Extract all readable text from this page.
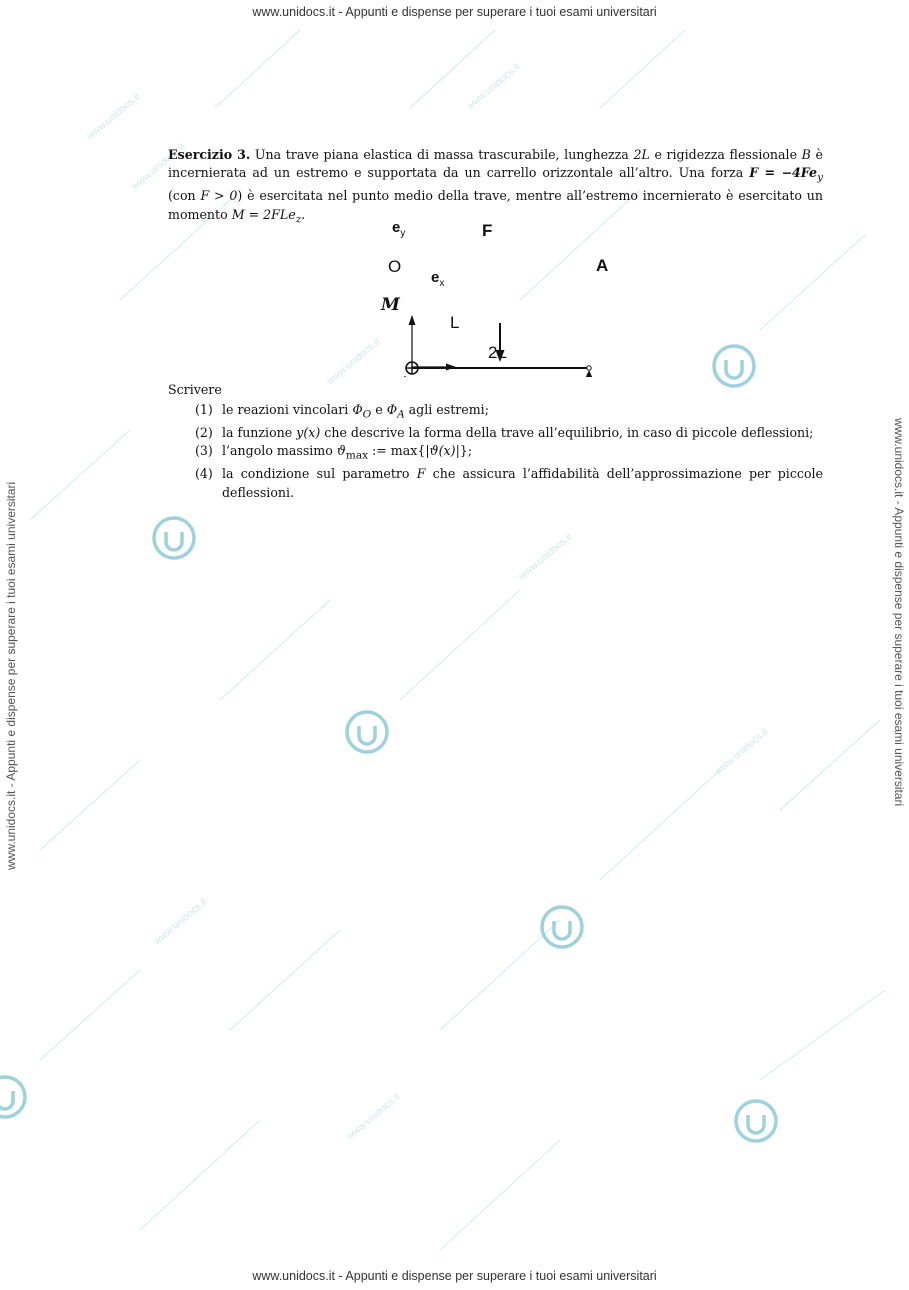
www.unidocs.it
www.unidocs.it
www.unidocs.it
www.unidocs.it
www.unidocs.it
www.unidocs.it
www.unidocs.it
www.unidocs.it
www.unidocs.it - Appunti e dispense per superare i tuoi esami universitari
www.unidocs.it - Appunti e dispense per superare i tuoi esami universitari
www.unidocs.it - Appunti e dispense per superare i tuoi esami universitari	www.unidocs.it - Appunti e dispense per superare i tuoi esami universitari

Esercizio 3. Una trave piana elastica di massa trascurabile, lunghezza 2L e rigidezza flessionale B è incernierata ad un estremo e supportata da un carrello orizzontale all’altro. Una forza $F = -4Fe_y$ (con F > 0) è esercitata nel punto medio della trave, mentre all’estremo incernierato è esercitato un momento M = 2FLe$_z$.

$e_y$	F
O
$e_x$
A
M
L
2L

Scrivere

(1) le reazioni vincolari $\Phi_O$ e $\Phi_A$ agli estremi;
(2) la funzione y(x) che descrive la forma della trave all’equilibrio, in caso di piccole deflessioni;
(3) l’angolo massimo $ϑ_{max}$ := max{|ϑ(x)|};
(4) la condizione sul parametro F che assicura l’affidabilità dell’approssimazione per piccole deflessioni.
